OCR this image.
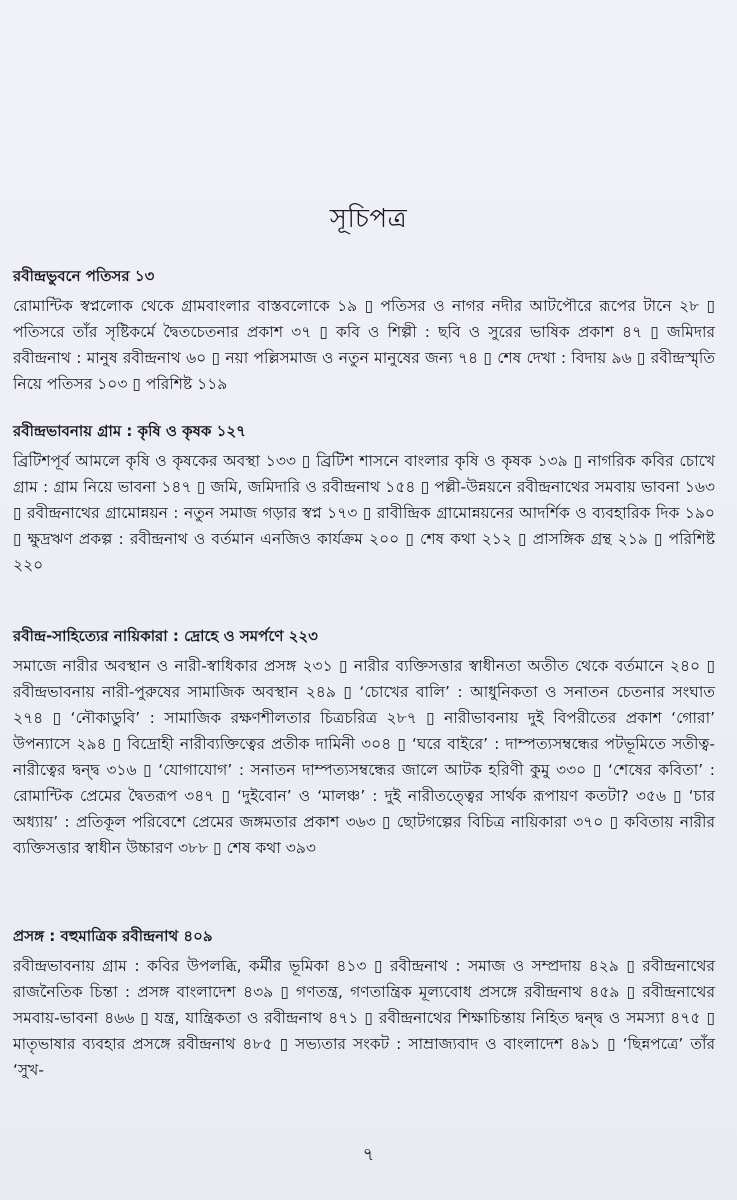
সূচিপত্র
রবীন্দ্রভুবনে পতিসর ১৩

রোমান্টিক স্বপ্নলোক থেকে গ্রামবাংলার বাস্তবলোকে ১৯ ▯ পতিসর ও নাগর নদীর আটপৌরে রূপের টানে ২৮ ▯ পতিসরে তাঁর সৃষ্টিকর্মে দ্বৈতচেতনার প্রকাশ ৩৭ ▯ কবি ও শিল্পী : ছবি ও সুরের ভাষিক প্রকাশ ৪৭ ▯ জমিদার রবীন্দ্রনাথ : মানুষ রবীন্দ্রনাথ ৬০ ▯ নয়া পল্লিসমাজ ও নতুন মানুষের জন্য ৭৪ ▯ শেষ দেখা : বিদায় ৯৬ ▯ রবীন্দ্রস্মৃতি নিয়ে পতিসর ১০৩ ▯ পরিশিষ্ট ১১৯

রবীন্দ্রভাবনায় গ্রাম : কৃষি ও কৃষক ১২৭

ব্রিটিশপূর্ব আমলে কৃষি ও কৃষকের অবস্থা ১৩৩ ▯ ব্রিটিশ শাসনে বাংলার কৃষি ও কৃষক ১৩৯ ▯ নাগরিক কবির চোখে গ্রাম : গ্রাম নিয়ে ভাবনা ১৪৭ ▯ জমি, জমিদারি ও রবীন্দ্রনাথ ১৫৪ ▯ পল্লী-উন্নয়নে রবীন্দ্রনাথের সমবায় ভাবনা ১৬৩ ▯ রবীন্দ্রনাথের গ্রামোন্নয়ন : নতুন সমাজ গড়ার স্বপ্ন ১৭৩ ▯ রাবীন্দ্রিক গ্রামোন্নয়নের আদর্শিক ও ব্যবহারিক দিক ১৯০ ▯ ক্ষুদ্রঋণ প্রকল্প : রবীন্দ্রনাথ ও বর্তমান এনজিও কার্যক্রম ২০০ ▯ শেষ কথা ২১২ ▯ প্রাসঙ্গিক গ্রন্থ ২১৯ ▯ পরিশিষ্ট ২২০

রবীন্দ্র-সাহিত্যের নায়িকারা : দ্রোহে ও সমর্পণে ২২৩

সমাজে নারীর অবস্থান ও নারী-স্বাধিকার প্রসঙ্গ ২৩১ ▯ নারীর ব্যক্তিসত্তার স্বাধীনতা অতীত থেকে বর্তমানে ২৪০ ▯ রবীন্দ্রভাবনায় নারী-পুরুষের সামাজিক অবস্থান ২৪৯ ▯ ‘চোখের বালি’ : আধুনিকতা ও সনাতন চেতনার সংঘাত ২৭৪ ▯ ‘নৌকাডুবি’ : সামাজিক রক্ষণশীলতার চিত্রচরিত্র ২৮৭ ▯ নারীভাবনায় দুই বিপরীতের প্রকাশ ‘গোরা’ উপন্যাসে ২৯৪ ▯ বিদ্রোহী নারীব্যক্তিত্বের প্রতীক দামিনী ৩০৪ ▯ ‘ঘরে বাইরে’ : দাম্পত্যসম্বন্ধের পটভূমিতে সতীত্ব-নারীত্বের দ্বন্দ্ব ৩১৬ ▯ ‘যোগাযোগ’ : সনাতন দাম্পত্যসম্বন্ধের জালে আটক হরিণী কুমু ৩৩০ ▯ ‘শেষের কবিতা’ : রোমান্টিক প্রেমের দ্বৈতরূপ ৩৪৭ ▯ ‘দুইবোন’ ও ‘মালঞ্চ’ : দুই নারীতত্ত্বের সার্থক রূপায়ণ কতটা? ৩৫৬ ▯ ‘চার অধ্যায়’ : প্রতিকূল পরিবেশে প্রেমের জঙ্গমতার প্রকাশ ৩৬৩ ▯ ছোটগল্পের বিচিত্র নায়িকারা ৩৭০ ▯ কবিতায় নারীর ব্যক্তিসত্তার স্বাধীন উচ্চারণ ৩৮৮ ▯ শেষ কথা ৩৯৩

প্রসঙ্গ : বহুমাত্রিক রবীন্দ্রনাথ ৪০৯

রবীন্দ্রভাবনায় গ্রাম : কবির উপলব্ধি, কর্মীর ভূমিকা ৪১৩ ▯ রবীন্দ্রনাথ : সমাজ ও সম্প্রদায় ৪২৯ ▯ রবীন্দ্রনাথের রাজনৈতিক চিন্তা : প্রসঙ্গ বাংলাদেশ ৪৩৯ ▯ গণতন্ত্র, গণতান্ত্রিক মূল্যবোধ প্রসঙ্গে রবীন্দ্রনাথ ৪৫৯ ▯ রবীন্দ্রনাথের সমবায়-ভাবনা ৪৬৬ ▯ যন্ত্র, যান্ত্রিকতা ও রবীন্দ্রনাথ ৪৭১ ▯ রবীন্দ্রনাথের শিক্ষাচিন্তায় নিহিত দ্বন্দ্ব ও সমস্যা ৪৭৫ ▯ মাতৃভাষার ব্যবহার প্রসঙ্গে রবীন্দ্রনাথ ৪৮৫ ▯ সভ্যতার সংকট : সাম্রাজ্যবাদ ও বাংলাদেশ ৪৯১ ▯ ‘ছিন্নপত্রে’ তাঁর ‘সুখ-

৭
